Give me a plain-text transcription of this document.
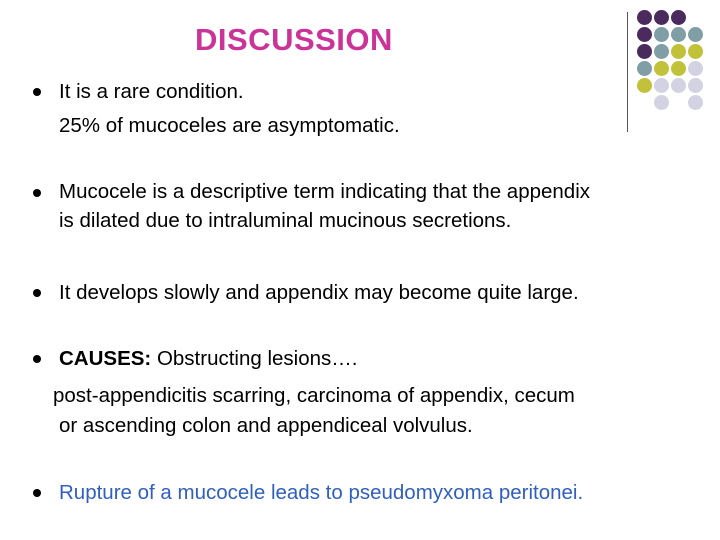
DISCUSSION
It is a rare condition.
25% of mucoceles are asymptomatic.
Mucocele is a descriptive term indicating that the appendix
is dilated due to intraluminal mucinous secretions.
It develops slowly and appendix may become quite large.
CAUSES: Obstructing lesions….
post-appendicitis scarring, carcinoma of appendix, cecum
or ascending colon and appendiceal volvulus.
Rupture of a mucocele leads to pseudomyxoma peritonei.
